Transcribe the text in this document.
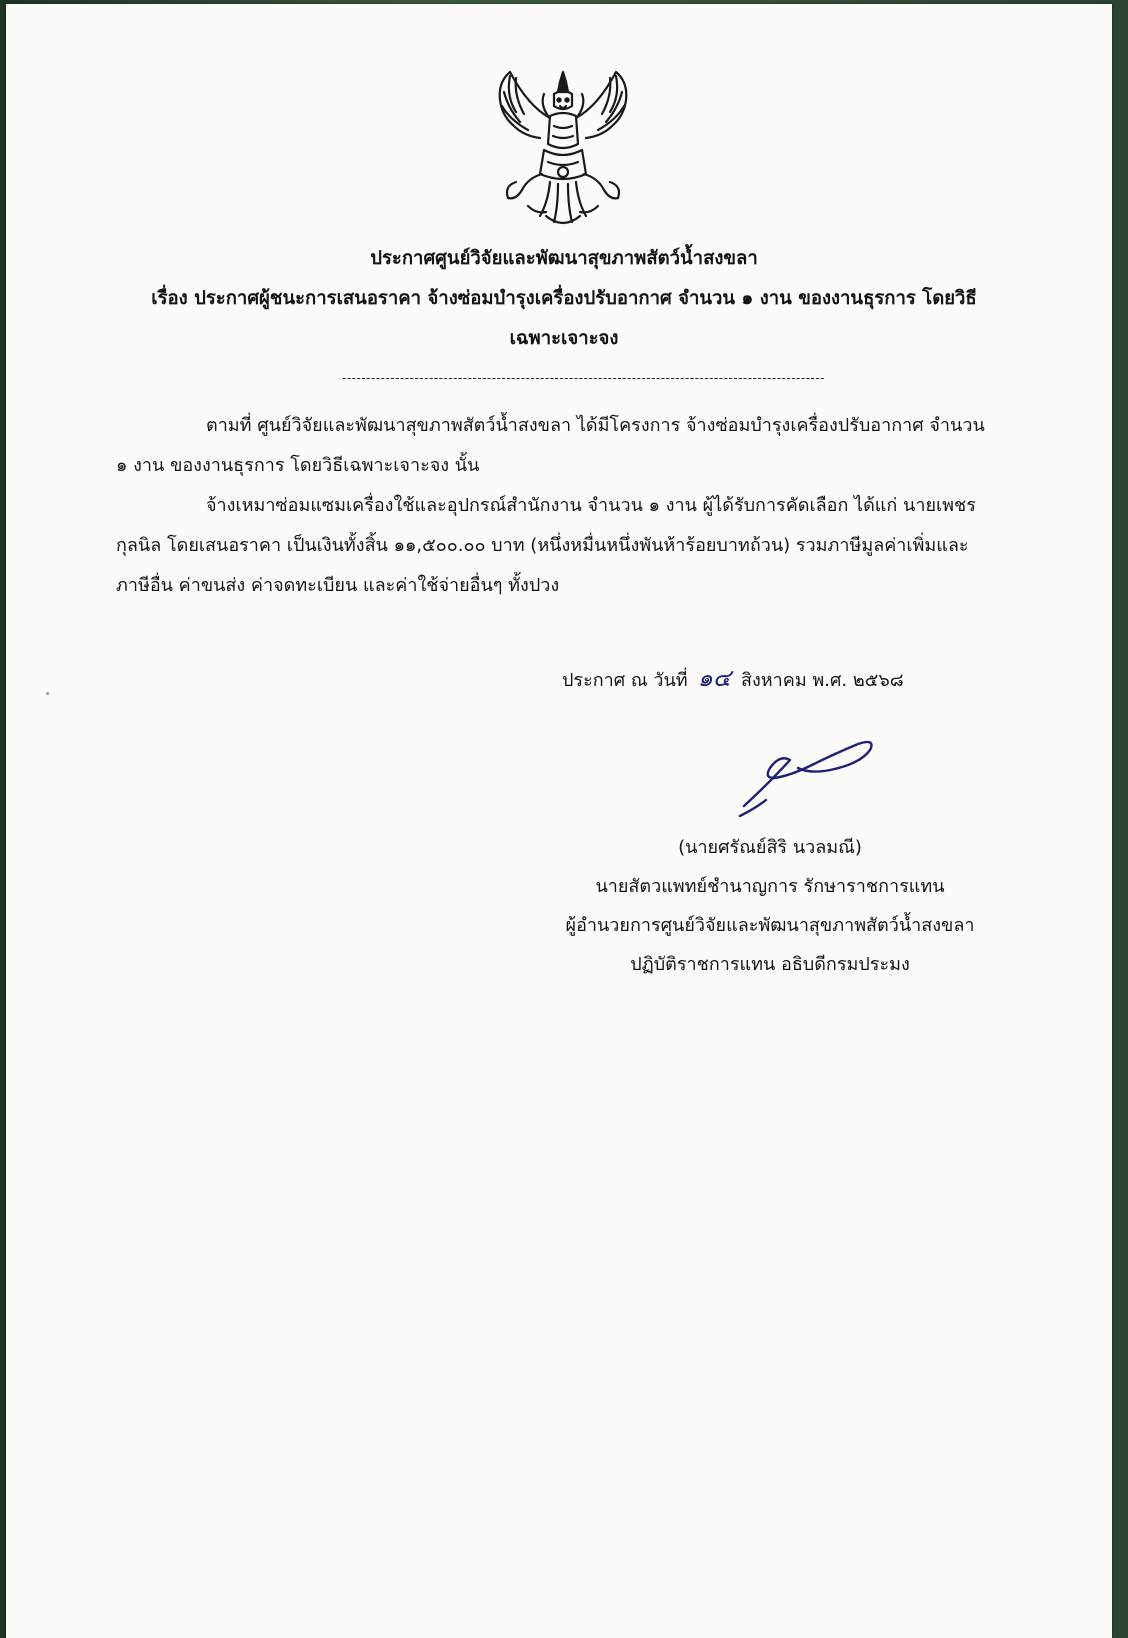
ประกาศศูนย์วิจัยและพัฒนาสุขภาพสัตว์น้ำสงขลา
เรื่อง ประกาศผู้ชนะการเสนอราคา จ้างซ่อมบำรุงเครื่องปรับอากาศ จำนวน ๑ งาน ของงานธุรการ โดยวิธี
เฉพาะเจาะจง
----------------------------------------------------------------------------------------------------
ตามที่ ศูนย์วิจัยและพัฒนาสุขภาพสัตว์น้ำสงขลา ได้มีโครงการ จ้างซ่อมบำรุงเครื่องปรับอากาศ จำนวน
๑ งาน ของงานธุรการ โดยวิธีเฉพาะเจาะจง นั้น
จ้างเหมาซ่อมแซมเครื่องใช้และอุปกรณ์สำนักงาน จำนวน ๑ งาน ผู้ได้รับการคัดเลือก ได้แก่ นายเพชร
กุลนิล โดยเสนอราคา เป็นเงินทั้งสิ้น ๑๑,๕๐๐.๐๐ บาท (หนึ่งหมื่นหนึ่งพันห้าร้อยบาทถ้วน) รวมภาษีมูลค่าเพิ่มและ
ภาษีอื่น ค่าขนส่ง ค่าจดทะเบียน และค่าใช้จ่ายอื่นๆ ทั้งปวง
ประกาศ ณ วันที่ ๑๔ สิงหาคม พ.ศ. ๒๕๖๘
(นายศรัณย์สิริ นวลมณี)
นายสัตวแพทย์ชำนาญการ รักษาราชการแทน
ผู้อำนวยการศูนย์วิจัยและพัฒนาสุขภาพสัตว์น้ำสงขลา
ปฏิบัติราชการแทน อธิบดีกรมประมง
